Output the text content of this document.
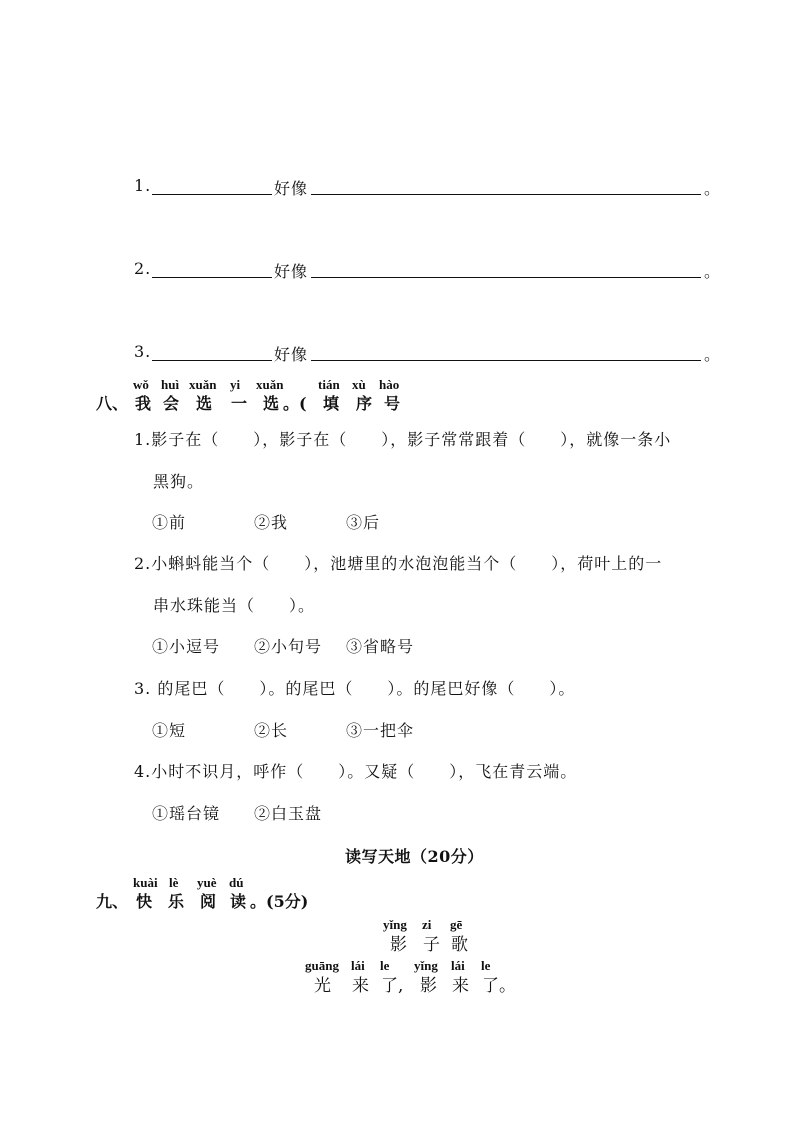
1.	好像	。
2.	好像	。
3.	好像	。
wǒ huì xuǎn yi xuǎn	tián xù hào
八、 我 会 选 一 选 。( 填 序 号
1.影子在（　　），影子在（　　），影子常常跟着（　　），就像一条小
黑狗。
①前	②我	③后
2.小蝌蚪能当个（　　），池塘里的水泡泡能当个（　　），荷叶上的一
串水珠能当（　　）。
①小逗号 ②小句号 ③省略号
3. 的尾巴（　　）。的尾巴（　　）。的尾巴好像（　　）。
①短	②长	③一把伞
4.小时不识月，呼作（　　）。又疑（　　），飞在青云端。
①瑶台镜 ②白玉盘
读写天地（20分）
kuài lè yuè dú
九、 快 乐 阅 读 。(5分)
yǐng zi gē
影 子 歌
guāng lái le yǐng lái le
光 来 了, 影 来 了。
